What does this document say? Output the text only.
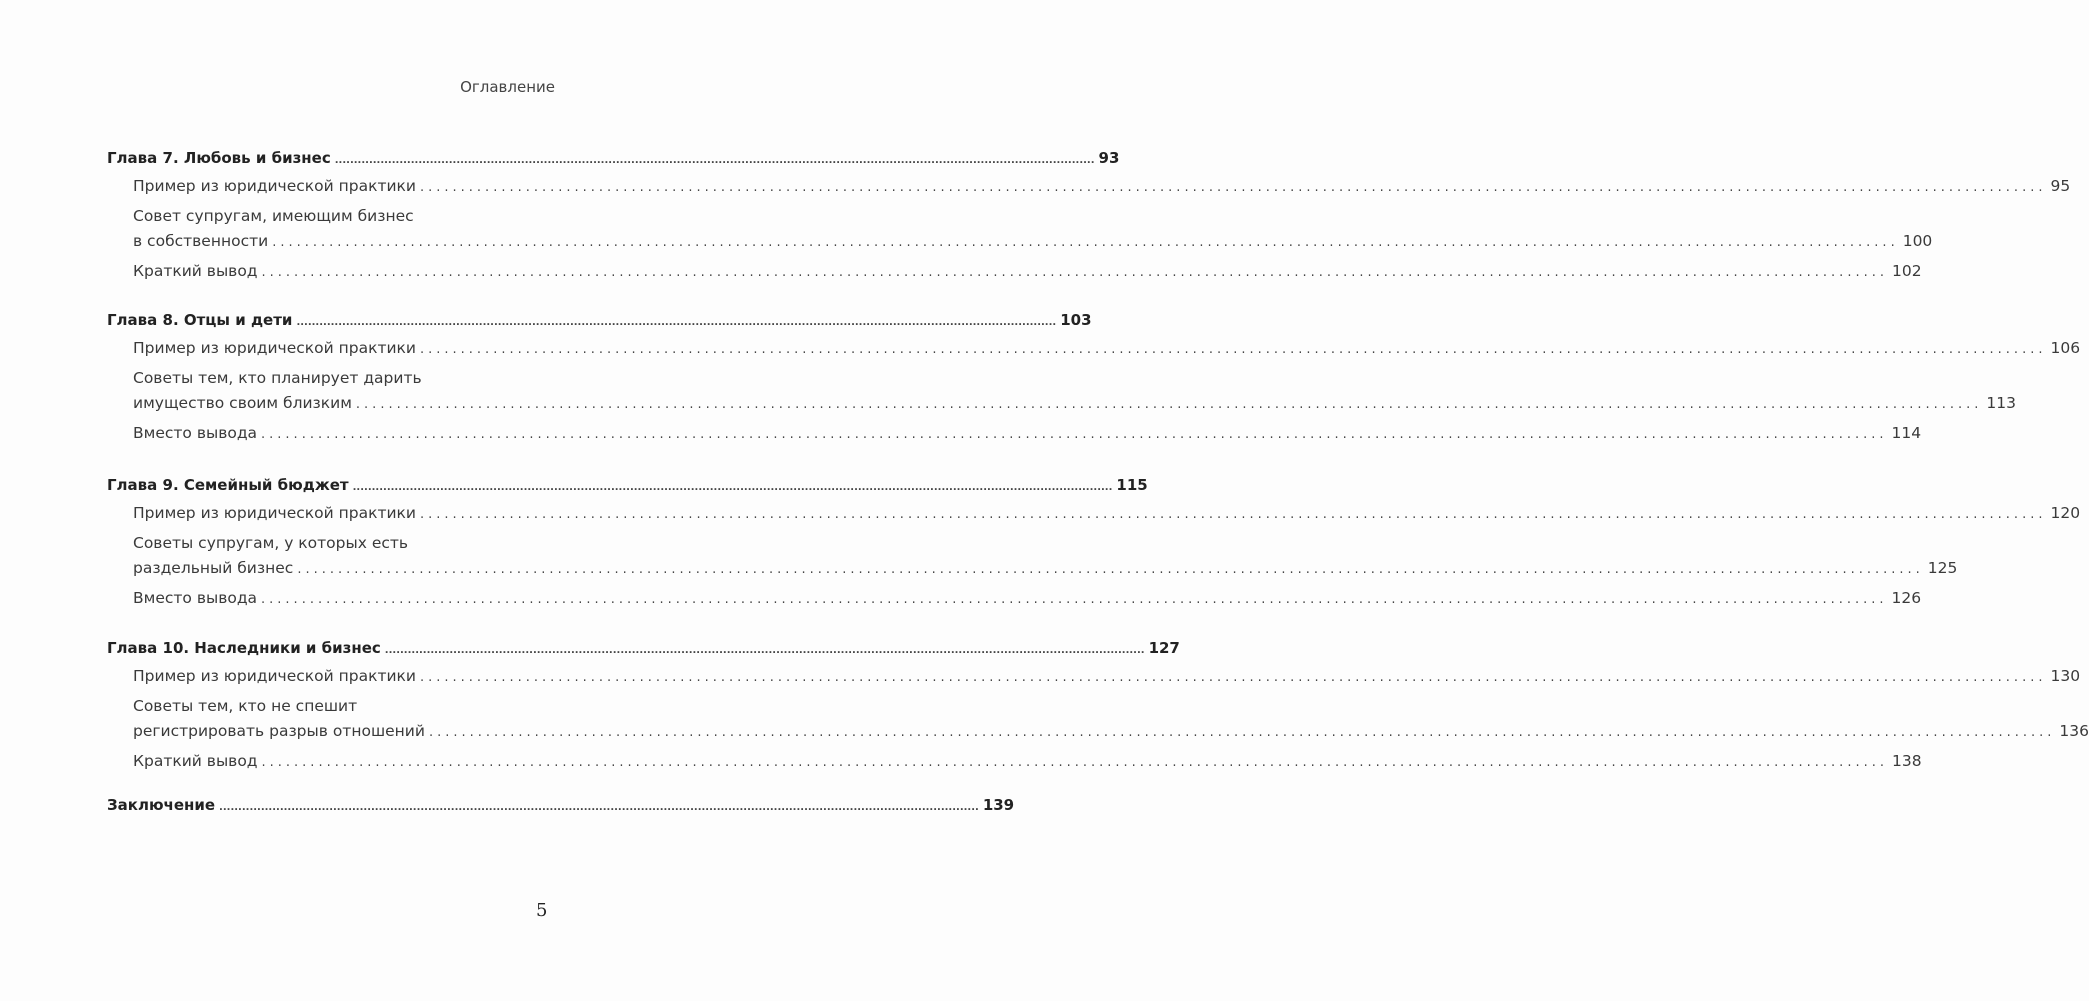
Оглавление
Глава 7. Любовь и бизнес ........................................................................................................................................................................................................ 93
Пример из юридической практики ........................................................................................................................................................................................................ 95
Совет супругам, имеющим бизнес
в собственности ........................................................................................................................................................................................................ 100
Краткий вывод ........................................................................................................................................................................................................ 102
Глава 8. Отцы и дети ........................................................................................................................................................................................................ 103
Пример из юридической практики ........................................................................................................................................................................................................ 106
Советы тем, кто планирует дарить
имущество своим близким ........................................................................................................................................................................................................ 113
Вместо вывода ........................................................................................................................................................................................................ 114
Глава 9. Семейный бюджет ........................................................................................................................................................................................................ 115
Пример из юридической практики ........................................................................................................................................................................................................ 120
Советы супругам, у которых есть
раздельный бизнес ........................................................................................................................................................................................................ 125
Вместо вывода ........................................................................................................................................................................................................ 126
Глава 10. Наследники и бизнес ........................................................................................................................................................................................................ 127
Пример из юридической практики ........................................................................................................................................................................................................ 130
Советы тем, кто не спешит
регистрировать разрыв отношений ........................................................................................................................................................................................................ 136
Краткий вывод ........................................................................................................................................................................................................ 138
Заключение ........................................................................................................................................................................................................ 139
5
